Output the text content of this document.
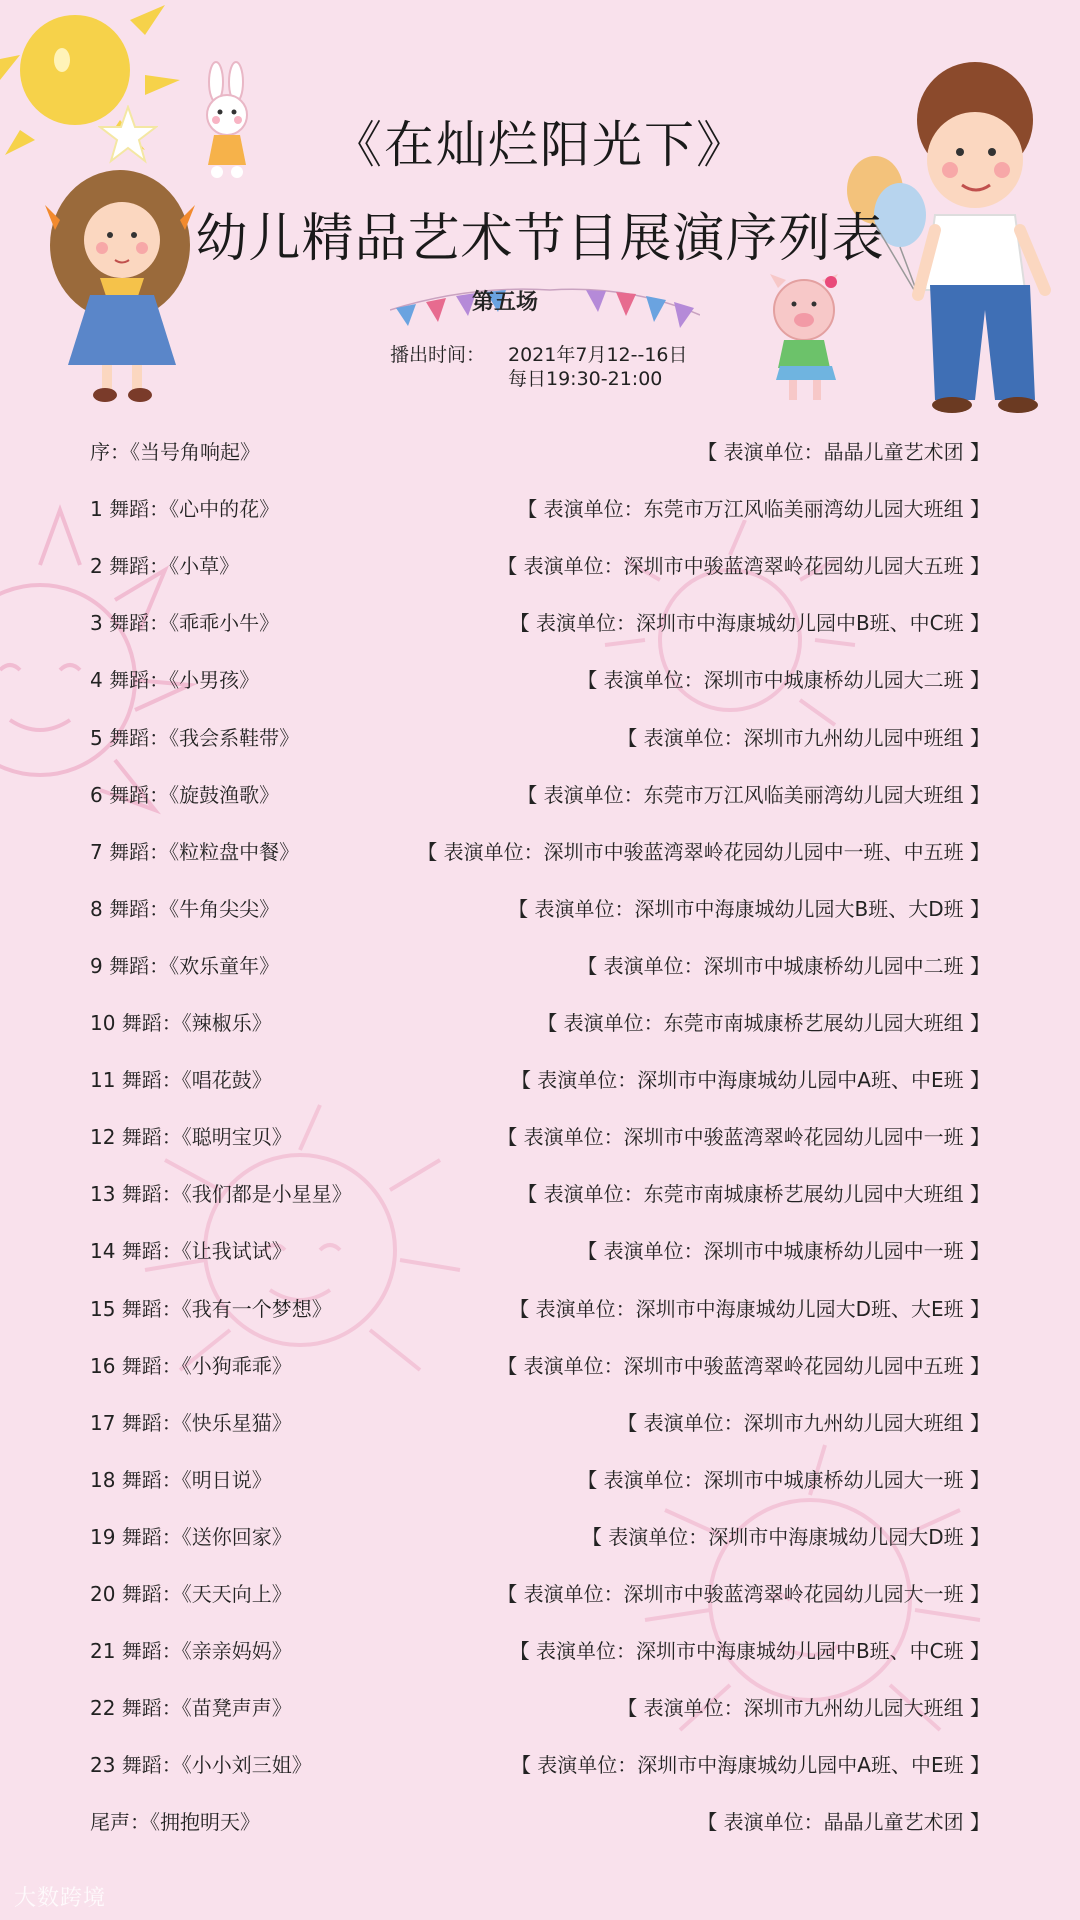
《在灿烂阳光下》
幼儿精品艺术节目展演序列表
第五场
播出时间： 2021年7月12--16日
每日19:30-21:00
序：《当号角响起》	【 表演单位：晶晶儿童艺术团 】
1 舞蹈：《心中的花》	【 表演单位：东莞市万江风临美丽湾幼儿园大班组 】
2 舞蹈：《小草》	【 表演单位：深圳市中骏蓝湾翠岭花园幼儿园大五班 】
3 舞蹈：《乖乖小牛》	【 表演单位：深圳市中海康城幼儿园中B班、中C班 】
4 舞蹈：《小男孩》	【 表演单位：深圳市中城康桥幼儿园大二班 】
5 舞蹈：《我会系鞋带》	【 表演单位：深圳市九州幼儿园中班组 】
6 舞蹈：《旋鼓渔歌》	【 表演单位：东莞市万江风临美丽湾幼儿园大班组 】
7 舞蹈：《粒粒盘中餐》	【 表演单位：深圳市中骏蓝湾翠岭花园幼儿园中一班、中五班 】
8 舞蹈：《牛角尖尖》	【 表演单位：深圳市中海康城幼儿园大B班、大D班 】
9 舞蹈：《欢乐童年》	【 表演单位：深圳市中城康桥幼儿园中二班 】
10 舞蹈：《辣椒乐》	【 表演单位：东莞市南城康桥艺展幼儿园大班组 】
11 舞蹈：《唱花鼓》	【 表演单位：深圳市中海康城幼儿园中A班、中E班 】
12 舞蹈：《聪明宝贝》	【 表演单位：深圳市中骏蓝湾翠岭花园幼儿园中一班 】
13 舞蹈：《我们都是小星星》	【 表演单位：东莞市南城康桥艺展幼儿园中大班组 】
14 舞蹈：《让我试试》	【 表演单位：深圳市中城康桥幼儿园中一班 】
15 舞蹈：《我有一个梦想》	【 表演单位：深圳市中海康城幼儿园大D班、大E班 】
16 舞蹈：《小狗乖乖》	【 表演单位：深圳市中骏蓝湾翠岭花园幼儿园中五班 】
17 舞蹈：《快乐星猫》	【 表演单位：深圳市九州幼儿园大班组 】
18 舞蹈：《明日说》	【 表演单位：深圳市中城康桥幼儿园大一班 】
19 舞蹈：《送你回家》	【 表演单位：深圳市中海康城幼儿园大D班 】
20 舞蹈：《天天向上》	【 表演单位：深圳市中骏蓝湾翠岭花园幼儿园大一班 】
21 舞蹈：《亲亲妈妈》	【 表演单位：深圳市中海康城幼儿园中B班、中C班 】
22 舞蹈：《苗凳声声》	【 表演单位：深圳市九州幼儿园大班组 】
23 舞蹈：《小小刘三姐》	【 表演单位：深圳市中海康城幼儿园中A班、中E班 】
尾声：《拥抱明天》	【 表演单位：晶晶儿童艺术团 】
大数跨境
